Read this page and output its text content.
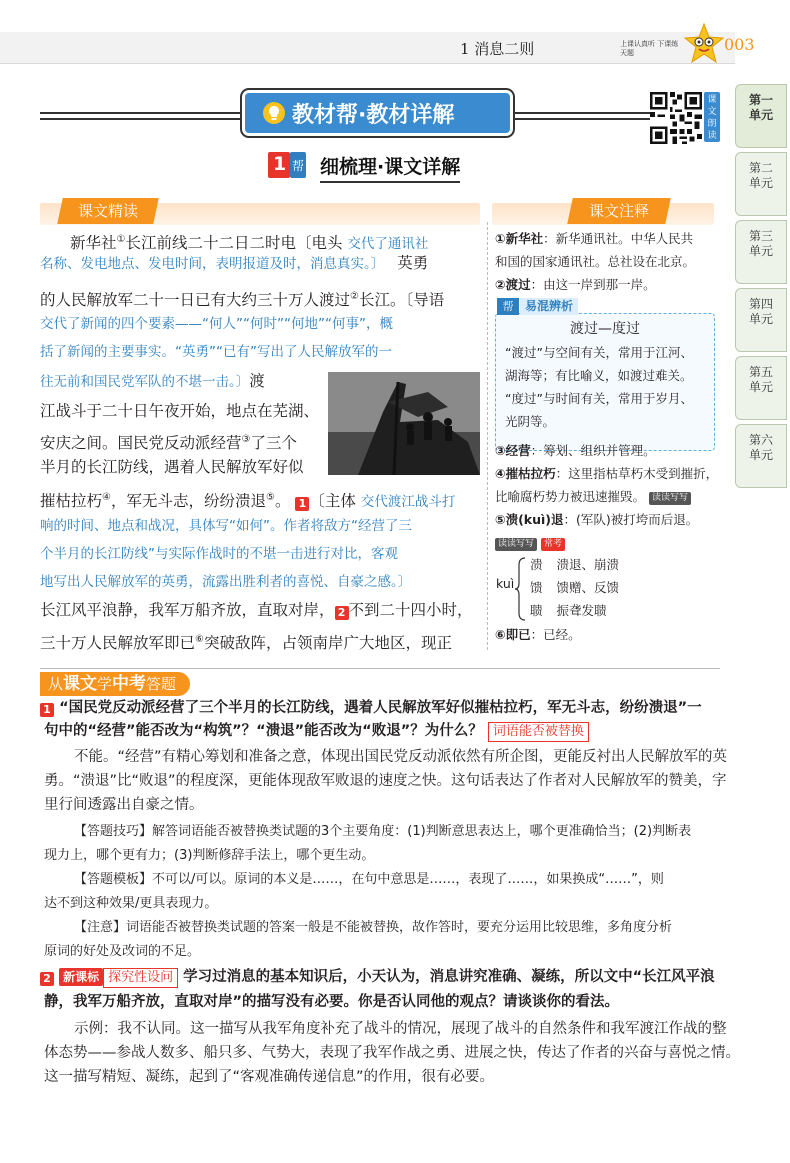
1 消息二则	上课认真听 下课练天题	003
第一单元
第二单元
第三单元
第四单元
第五单元
第六单元
教材帮·教材详解
课文朗读
1 帮 细梳理·课文详解
课文精读	课文注释
新华社①长江前线二十二日二时电〔电头 交代了通讯社
名称、发电地点、发电时间，表明报道及时，消息真实。〕 英勇
的人民解放军二十一日已有大约三十万人渡过②长江。〔导语
交代了新闻的四个要素——“何人”“何时”“何地”“何事”，概
括了新闻的主要事实。“英勇”“已有”写出了人民解放军的一
往无前和国民党军队的不堪一击。〕渡
江战斗于二十日午夜开始，地点在芜湖、
安庆之间。国民党反动派经营③了三个
半月的长江防线，遇着人民解放军好似
摧枯拉朽④，军无斗志，纷纷溃退⑤。 1 〔主体 交代渡江战斗打
响的时间、地点和战况，具体写“如何”。作者将敌方“经营了三
个半月的长江防线”与实际作战时的不堪一击进行对比，客观
地写出人民解放军的英勇，流露出胜利者的喜悦、自豪之感。〕
长江风平浪静，我军万船齐放，直取对岸， 2 不到二十四小时，
三十万人民解放军即已⑥突破敌阵，占领南岸广大地区，现正
①新华社：新华通讯社。中华人民共
和国的国家通讯社。总社设在北京。
②渡过：由这一岸到那一岸。
帮 易混辨析
渡过—度过
“渡过”与空间有关，常用于江河、
湖海等；有比喻义，如渡过难关。
“度过”与时间有关，常用于岁月、
光阴等。
③经营：筹划、组织并管理。
④摧枯拉朽：这里指枯草朽木受到摧折，
比喻腐朽势力被迅速摧毁。 读读写写
⑤溃(kuì)退：(军队)被打垮而后退。
读读写写 常考
kuì
溃 溃退、崩溃
馈 馈赠、反馈
聩 振聋发聩
⑥即已：已经。
从课文学中考答题
1 “国民党反动派经营了三个半月的长江防线，遇着人民解放军好似摧枯拉朽，军无斗志，纷纷溃退”一
句中的“经营”能否改为“构筑”？“溃退”能否改为“败退”？为什么？ 词语能否被替换
不能。“经营”有精心筹划和准备之意，体现出国民党反动派依然有所企图，更能反衬出人民解放军的英
勇。“溃退”比“败退”的程度深，更能体现敌军败退的速度之快。这句话表达了作者对人民解放军的赞美，字
里行间透露出自豪之情。
【答题技巧】解答词语能否被替换类试题的3个主要角度：(1)判断意思表达上，哪个更准确恰当；(2)判断表
现力上，哪个更有力；(3)判断修辞手法上，哪个更生动。
【答题模板】不可以/可以。原词的本义是……，在句中意思是……，表现了……，如果换成“……”，则
达不到这种效果/更具表现力。
【注意】词语能否被替换类试题的答案一般是不能被替换，故作答时，要充分运用比较思维，多角度分析
原词的好处及改词的不足。
2 新课标 探究性设问 学习过消息的基本知识后，小天认为，消息讲究准确、凝练，所以文中“长江风平浪
静，我军万船齐放，直取对岸”的描写没有必要。你是否认同他的观点？请谈谈你的看法。
示例：我不认同。这一描写从我军角度补充了战斗的情况，展现了战斗的自然条件和我军渡江作战的整
体态势——参战人数多、船只多、气势大，表现了我军作战之勇、进展之快，传达了作者的兴奋与喜悦之情。
这一描写精短、凝练，起到了“客观准确传递信息”的作用，很有必要。
